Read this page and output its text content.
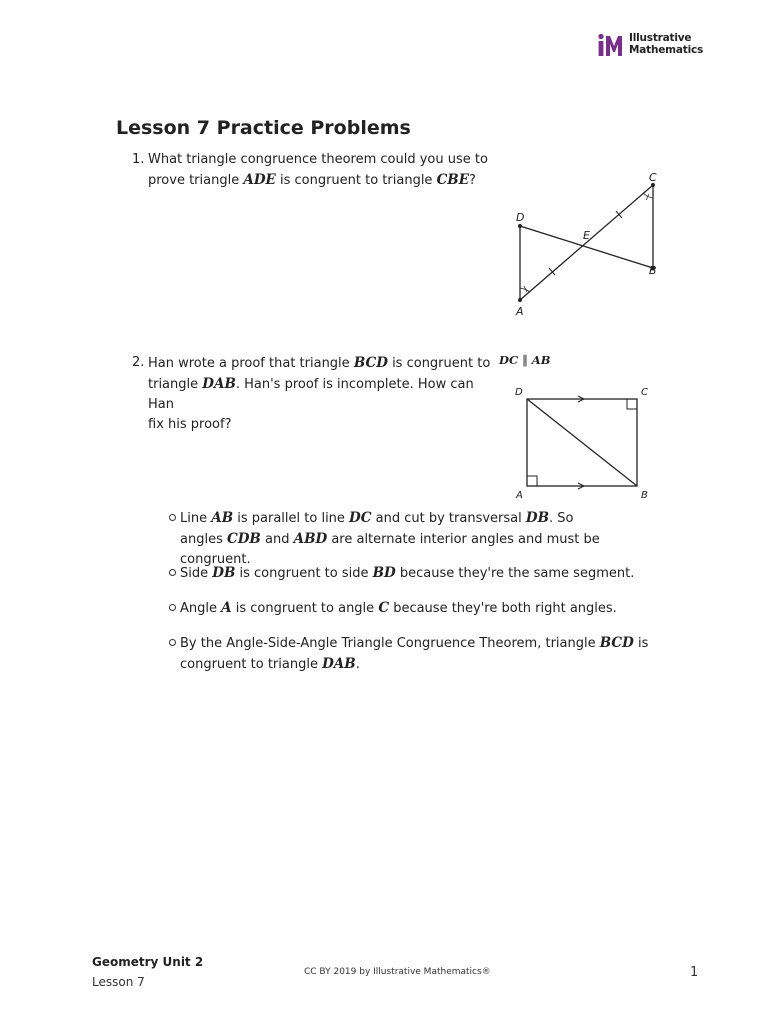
Illustrative
Mathematics
Lesson 7 Practice Problems
1. What triangle congruence theorem could you use to
prove triangle ADE is congruent to triangle CBE?	C
D
E
B
A
2. Han wrote a proof that triangle BCD is congruent to
triangle DAB. Han's proof is incomplete. How can Han
fix his proof?
DC ∥ AB
D	C
A	B
Line AB is parallel to line DC and cut by transversal DB. So
angles CDB and ABD are alternate interior angles and must be congruent.
Side DB is congruent to side BD because they're the same segment.
Angle A is congruent to angle C because they're both right angles.
By the Angle-Side-Angle Triangle Congruence Theorem, triangle BCD is
congruent to triangle DAB.
Geometry Unit 2
Lesson 7
CC BY 2019 by Illustrative Mathematics®	1
